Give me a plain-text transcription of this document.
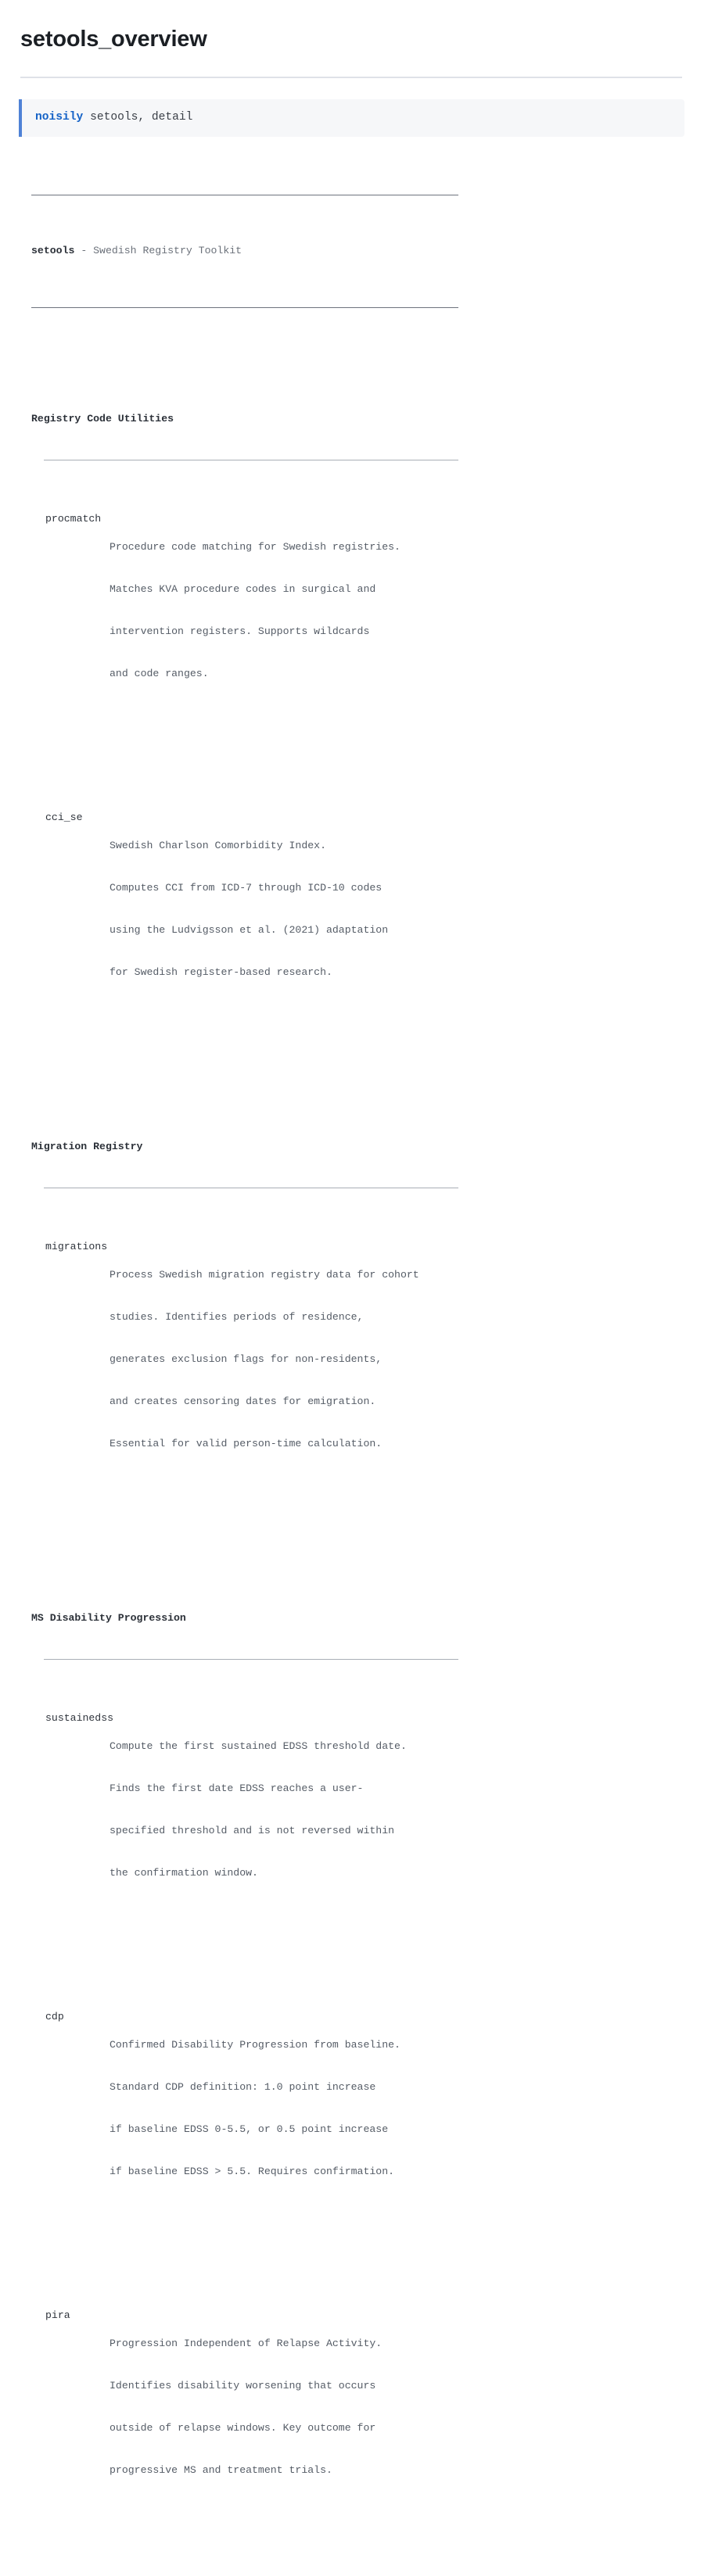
setools_overview
noisily setools, detail

setools - Swedish Registry Toolkit

Registry Code Utilities

procmatch

Procedure code matching for Swedish registries.

Matches KVA procedure codes in surgical and

intervention registers. Supports wildcards

and code ranges.

cci_se

Swedish Charlson Comorbidity Index.

Computes CCI from ICD-7 through ICD-10 codes

using the Ludvigsson et al. (2021) adaptation

for Swedish register-based research.

Migration Registry

migrations

Process Swedish migration registry data for cohort

studies. Identifies periods of residence,

generates exclusion flags for non-residents,

and creates censoring dates for emigration.

Essential for valid person-time calculation.

MS Disability Progression

sustainedss

Compute the first sustained EDSS threshold date.

Finds the first date EDSS reaches a user-

specified threshold and is not reversed within

the confirmation window.

cdp

Confirmed Disability Progression from baseline.

Standard CDP definition: 1.0 point increase

if baseline EDSS 0-5.5, or 0.5 point increase

if baseline EDSS > 5.5. Requires confirmation.

pira

Progression Independent of Relapse Activity.

Identifies disability worsening that occurs

outside of relapse windows. Key outcome for

progressive MS and treatment trials.
